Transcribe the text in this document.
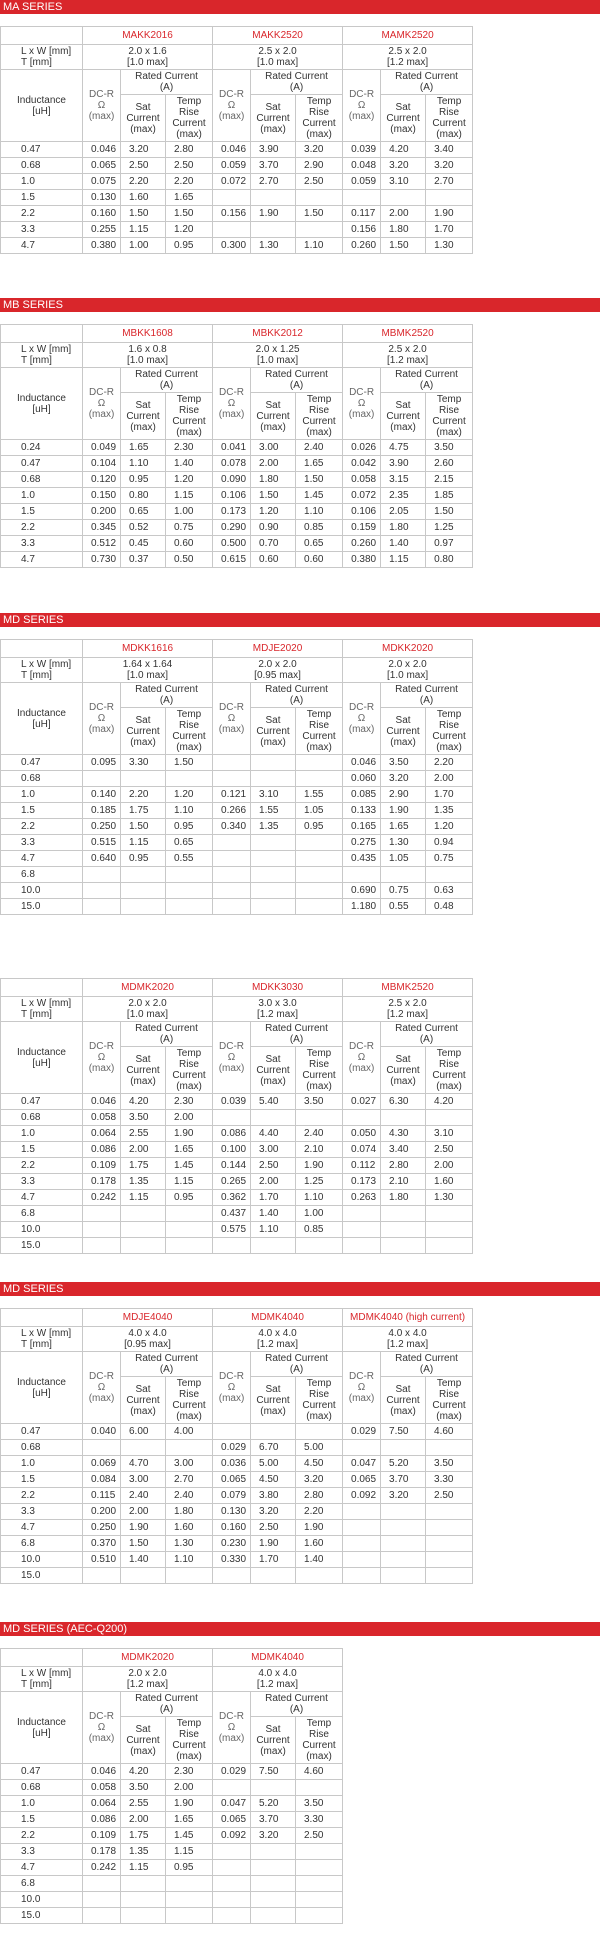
MA SERIES
	MAKK2016			MAKK2520			MAMK2520		
L x W [mm]
T [mm]	2.0 x 1.6
[1.0 max]			2.5 x 2.0
[1.0 max]			2.5 x 2.0
[1.2 max]		
Inductance
[uH]	DC-R
Ω
(max)	Rated Current
(A)		DC-R
Ω
(max)	Rated Current
(A)		DC-R
Ω
(max)	Rated Current
(A)	
		Sat
Current
(max)	Temp
Rise
Current
(max)		Sat
Current
(max)	Temp
Rise
Current
(max)		Sat
Current
(max)	Temp
Rise
Current
(max)
0.47	0.046	3.20	2.80	0.046	3.90	3.20	0.039	4.20	3.40
0.68	0.065	2.50	2.50	0.059	3.70	2.90	0.048	3.20	3.20
1.0	0.075	2.20	2.20	0.072	2.70	2.50	0.059	3.10	2.70
1.5	0.130	1.60	1.65						
2.2	0.160	1.50	1.50	0.156	1.90	1.50	0.117	2.00	1.90
3.3	0.255	1.15	1.20				0.156	1.80	1.70
4.7	0.380	1.00	0.95	0.300	1.30	1.10	0.260	1.50	1.30
MB SERIES
	MBKK1608			MBKK2012			MBMK2520		
L x W [mm]
T [mm]	1.6 x 0.8
[1.0 max]			2.0 x 1.25
[1.0 max]			2.5 x 2.0
[1.2 max]		
Inductance
[uH]	DC-R
Ω
(max)	Rated Current
(A)		DC-R
Ω
(max)	Rated Current
(A)		DC-R
Ω
(max)	Rated Current
(A)	
		Sat
Current
(max)	Temp
Rise
Current
(max)		Sat
Current
(max)	Temp
Rise
Current
(max)		Sat
Current
(max)	Temp
Rise
Current
(max)
0.24	0.049	1.65	2.30	0.041	3.00	2.40	0.026	4.75	3.50
0.47	0.104	1.10	1.40	0.078	2.00	1.65	0.042	3.90	2.60
0.68	0.120	0.95	1.20	0.090	1.80	1.50	0.058	3.15	2.15
1.0	0.150	0.80	1.15	0.106	1.50	1.45	0.072	2.35	1.85
1.5	0.200	0.65	1.00	0.173	1.20	1.10	0.106	2.05	1.50
2.2	0.345	0.52	0.75	0.290	0.90	0.85	0.159	1.80	1.25
3.3	0.512	0.45	0.60	0.500	0.70	0.65	0.260	1.40	0.97
4.7	0.730	0.37	0.50	0.615	0.60	0.60	0.380	1.15	0.80
MD SERIES
	MDKK1616			MDJE2020			MDKK2020		
L x W [mm]
T [mm]	1.64 x 1.64
[1.0 max]			2.0 x 2.0
[0.95 max]			2.0 x 2.0
[1.0 max]		
Inductance
[uH]	DC-R
Ω
(max)	Rated Current
(A)		DC-R
Ω
(max)	Rated Current
(A)		DC-R
Ω
(max)	Rated Current
(A)	
		Sat
Current
(max)	Temp
Rise
Current
(max)		Sat
Current
(max)	Temp
Rise
Current
(max)		Sat
Current
(max)	Temp
Rise
Current
(max)
0.47	0.095	3.30	1.50				0.046	3.50	2.20
0.68							0.060	3.20	2.00
1.0	0.140	2.20	1.20	0.121	3.10	1.55	0.085	2.90	1.70
1.5	0.185	1.75	1.10	0.266	1.55	1.05	0.133	1.90	1.35
2.2	0.250	1.50	0.95	0.340	1.35	0.95	0.165	1.65	1.20
3.3	0.515	1.15	0.65				0.275	1.30	0.94
4.7	0.640	0.95	0.55				0.435	1.05	0.75
6.8									
10.0							0.690	0.75	0.63
15.0							1.180	0.55	0.48
	MDMK2020			MDKK3030			MBMK2520		
L x W [mm]
T [mm]	2.0 x 2.0
[1.0 max]			3.0 x 3.0
[1.2 max]			2.5 x 2.0
[1.2 max]		
Inductance
[uH]	DC-R
Ω
(max)	Rated Current
(A)		DC-R
Ω
(max)	Rated Current
(A)		DC-R
Ω
(max)	Rated Current
(A)	
		Sat
Current
(max)	Temp
Rise
Current
(max)		Sat
Current
(max)	Temp
Rise
Current
(max)		Sat
Current
(max)	Temp
Rise
Current
(max)
0.47	0.046	4.20	2.30	0.039	5.40	3.50	0.027	6.30	4.20
0.68	0.058	3.50	2.00						
1.0	0.064	2.55	1.90	0.086	4.40	2.40	0.050	4.30	3.10
1.5	0.086	2.00	1.65	0.100	3.00	2.10	0.074	3.40	2.50
2.2	0.109	1.75	1.45	0.144	2.50	1.90	0.112	2.80	2.00
3.3	0.178	1.35	1.15	0.265	2.00	1.25	0.173	2.10	1.60
4.7	0.242	1.15	0.95	0.362	1.70	1.10	0.263	1.80	1.30
6.8				0.437	1.40	1.00			
10.0				0.575	1.10	0.85			
15.0									
MD SERIES
	MDJE4040			MDMK4040			MDMK4040 (high current)		
L x W [mm]
T [mm]	4.0 x 4.0
[0.95 max]			4.0 x 4.0
[1.2 max]			4.0 x 4.0
[1.2 max]		
Inductance
[uH]	DC-R
Ω
(max)	Rated Current
(A)		DC-R
Ω
(max)	Rated Current
(A)		DC-R
Ω
(max)	Rated Current
(A)	
		Sat
Current
(max)	Temp
Rise
Current
(max)		Sat
Current
(max)	Temp
Rise
Current
(max)		Sat
Current
(max)	Temp
Rise
Current
(max)
0.47	0.040	6.00	4.00				0.029	7.50	4.60
0.68				0.029	6.70	5.00			
1.0	0.069	4.70	3.00	0.036	5.00	4.50	0.047	5.20	3.50
1.5	0.084	3.00	2.70	0.065	4.50	3.20	0.065	3.70	3.30
2.2	0.115	2.40	2.40	0.079	3.80	2.80	0.092	3.20	2.50
3.3	0.200	2.00	1.80	0.130	3.20	2.20			
4.7	0.250	1.90	1.60	0.160	2.50	1.90			
6.8	0.370	1.50	1.30	0.230	1.90	1.60			
10.0	0.510	1.40	1.10	0.330	1.70	1.40			
15.0									
MD SERIES (AEC-Q200)
	MDMK2020			MDMK4040		
L x W [mm]
T [mm]	2.0 x 2.0
[1.2 max]			4.0 x 4.0
[1.2 max]		
Inductance
[uH]	DC-R
Ω
(max)	Rated Current
(A)		DC-R
Ω
(max)	Rated Current
(A)	
		Sat
Current
(max)	Temp
Rise
Current
(max)		Sat
Current
(max)	Temp
Rise
Current
(max)
0.47	0.046	4.20	2.30	0.029	7.50	4.60
0.68	0.058	3.50	2.00			
1.0	0.064	2.55	1.90	0.047	5.20	3.50
1.5	0.086	2.00	1.65	0.065	3.70	3.30
2.2	0.109	1.75	1.45	0.092	3.20	2.50
3.3	0.178	1.35	1.15			
4.7	0.242	1.15	0.95			
6.8						
10.0						
15.0						
